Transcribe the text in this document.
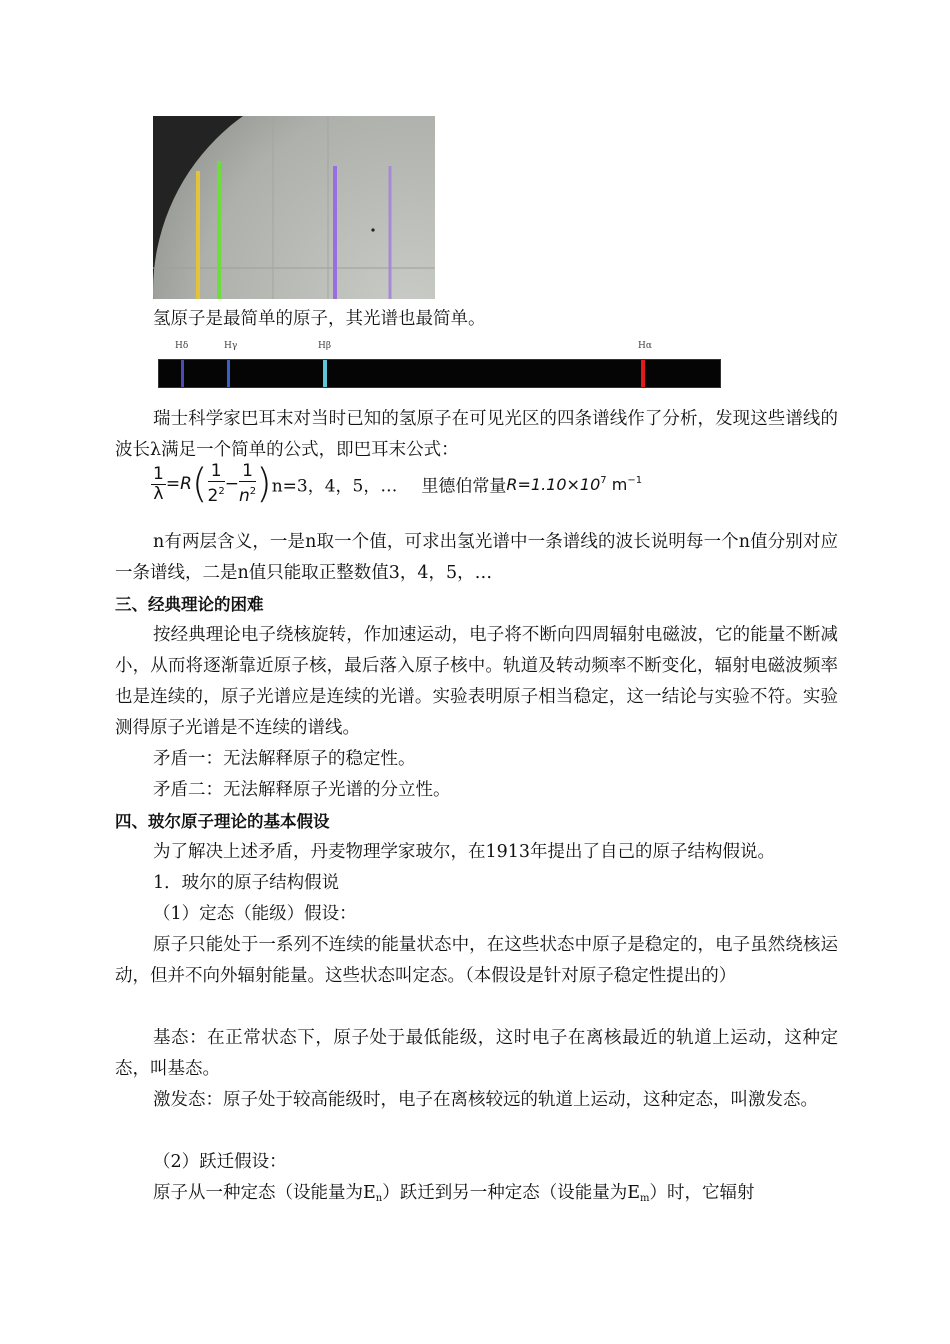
氢原子是最简单的原子，其光谱也最简单。
Hδ	Hγ	Hβ	Hα
瑞士科学家巴耳末对当时已知的氢原子在可见光区的四条谱线作了分析，发现这些谱线的波长λ满足一个简单的公式，即巴耳末公式：
$\frac{1}{\lambda} =R( \frac{1}{2^2} - \frac{1}{n^2} )n=3$，4，5，… 里德伯常量$R=1.10\times 10^7$ $m^{-1}$
n有两层含义，一是n取一个值，可求出氢光谱中一条谱线的波长说明每一个n值分别对应一条谱线，二是n值只能取正整数值3，4，5，…
三、经典理论的困难
按经典理论电子绕核旋转，作加速运动，电子将不断向四周辐射电磁波，它的能量不断减小，从而将逐渐靠近原子核，最后落入原子核中。轨道及转动频率不断变化，辐射电磁波频率也是连续的，原子光谱应是连续的光谱。实验表明原子相当稳定，这一结论与实验不符。实验测得原子光谱是不连续的谱线。
矛盾一：无法解释原子的稳定性。
矛盾二：无法解释原子光谱的分立性。
四、玻尔原子理论的基本假设
为了解决上述矛盾，丹麦物理学家玻尔，在1913年提出了自己的原子结构假说。
1．玻尔的原子结构假说
（1）定态（能级）假设：
原子只能处于一系列不连续的能量状态中，在这些状态中原子是稳定的，电子虽然绕核运动，但并不向外辐射能量。这些状态叫定态。（本假设是针对原子稳定性提出的）
基态：在正常状态下，原子处于最低能级，这时电子在离核最近的轨道上运动，这种定态，叫基态。
激发态：原子处于较高能级时，电子在离核较远的轨道上运动，这种定态，叫激发态。
（2）跃迁假设：
原子从一种定态（设能量为$E_n$）跃迁到另一种定态（设能量为$E_m$）时，它辐射
